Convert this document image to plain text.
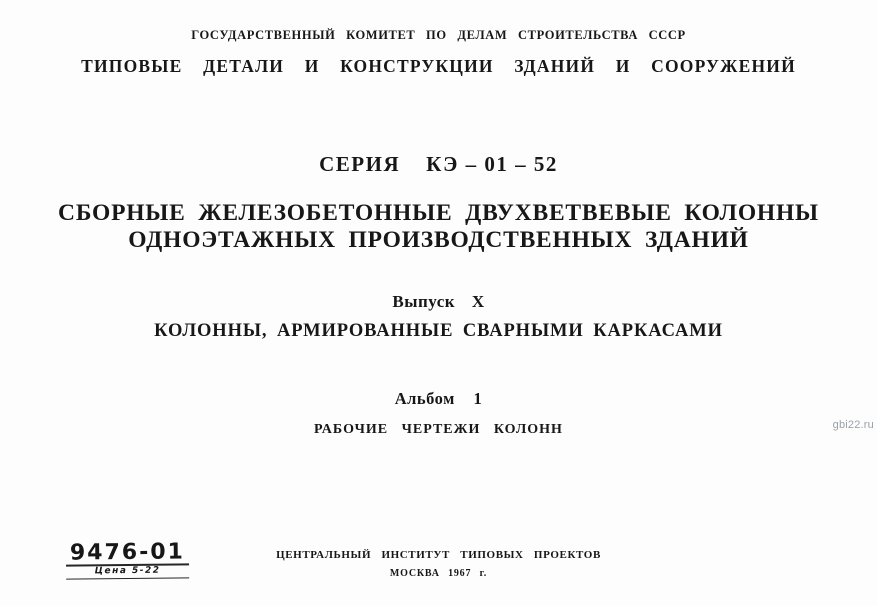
ГОСУДАРСТВЕННЫЙ КОМИТЕТ ПО ДЕЛАМ СТРОИТЕЛЬСТВА СССР
ТИПОВЫЕ ДЕТАЛИ И КОНСТРУКЦИИ ЗДАНИЙ И СООРУЖЕНИЙ
СЕРИЯ КЭ – 01 – 52
СБОРНЫЕ ЖЕЛЕЗОБЕТОННЫЕ ДВУХВЕТВЕВЫЕ КОЛОННЫ
ОДНОЭТАЖНЫХ ПРОИЗВОДСТВЕННЫХ ЗДАНИЙ
Выпуск X
КОЛОННЫ, АРМИРОВАННЫЕ СВАРНЫМИ КАРКАСАМИ
Альбом 1
РАБОЧИЕ ЧЕРТЕЖИ КОЛОНН
9476-01
Цена 5-22
ЦЕНТРАЛЬНЫЙ ИНСТИТУТ ТИПОВЫХ ПРОЕКТОВ
МОСКВА 1967 г.
gbi22.ru
